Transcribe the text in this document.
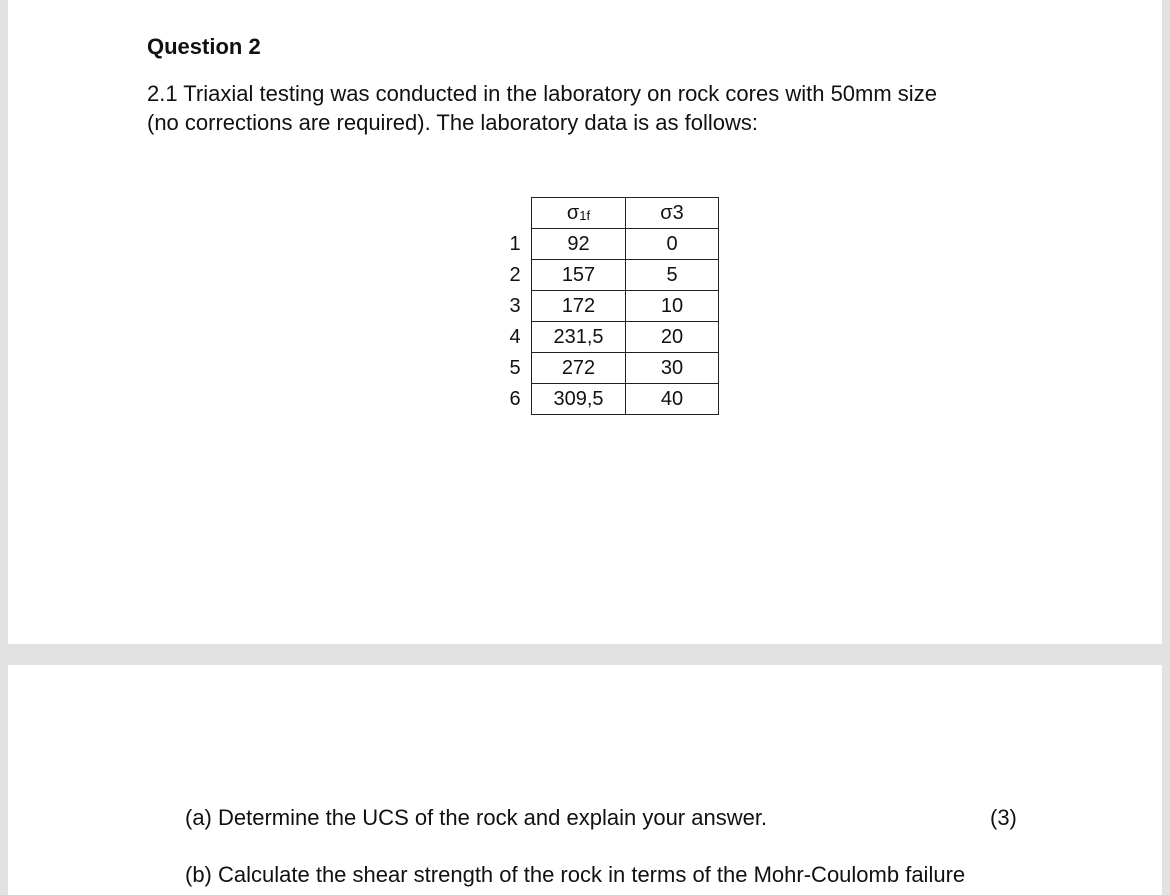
Question 2

2.1 Triaxial testing was conducted in the laboratory on rock cores with 50mm size
(no corrections are required). The laboratory data is as follows:

	σ1f	σ3
1	92	0
2	157	5
3	172	10
4	231,5	20
5	272	30
6	309,5	40

(a) Determine the UCS of the rock and explain your answer.	(3)

(b) Calculate the shear strength of the rock in terms of the Mohr-Coulomb failure
